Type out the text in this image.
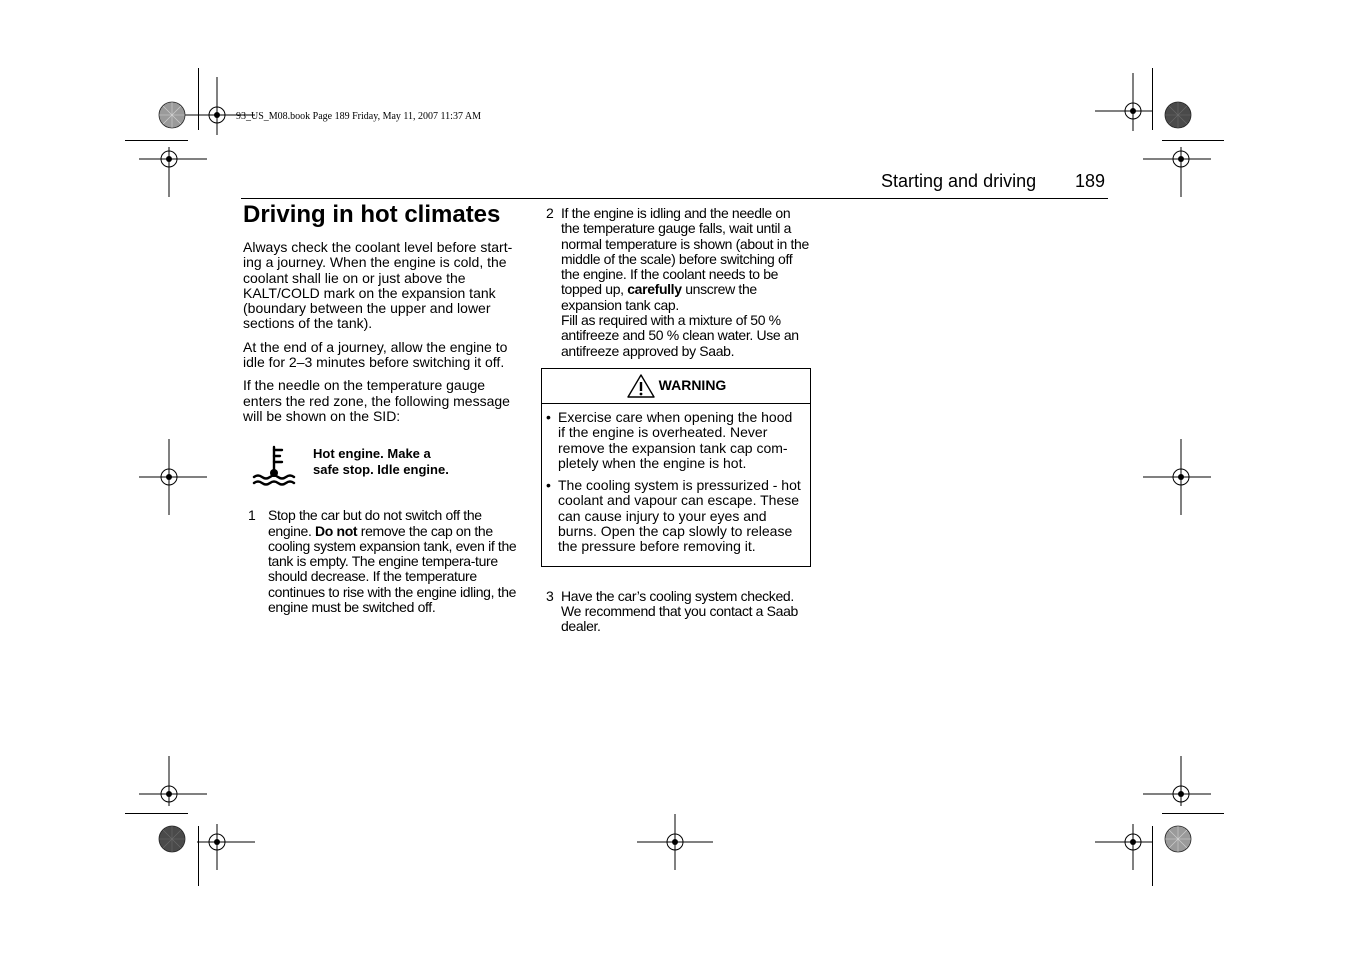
93_US_M08.book Page 189 Friday, May 11, 2007 11:37 AM
Starting and driving 189
Driving in hot climates

Always check the coolant level before start-ing a journey. When the engine is cold, the coolant shall lie on or just above the KALT/COLD mark on the expansion tank (boundary between the upper and lower sections of the tank).

At the end of a journey, allow the engine to idle for 2–3 minutes before switching it off.

If the needle on the temperature gauge enters the red zone, the following message will be shown on the SID:

Hot engine. Make a
safe stop. Idle engine.
1 Stop the car but do not switch off the engine. Do not remove the cap on the cooling system expansion tank, even if the tank is empty. The engine tempera-ture should decrease. If the temperature continues to rise with the engine idling, the engine must be switched off.
2 If the engine is idling and the needle on the temperature gauge falls, wait until a normal temperature is shown (about in the middle of the scale) before switching off the engine. If the coolant needs to be topped up, carefully unscrew the expansion tank cap.
Fill as required with a mixture of 50 % antifreeze and 50 % clean water. Use an antifreeze approved by Saab.
WARNING
• Exercise care when opening the hood if the engine is overheated. Never remove the expansion tank cap com-pletely when the engine is hot.
• The cooling system is pressurized - hot coolant and vapour can escape. These can cause injury to your eyes and burns. Open the cap slowly to release the pressure before removing it.
3 Have the car’s cooling system checked. We recommend that you contact a Saab dealer.
